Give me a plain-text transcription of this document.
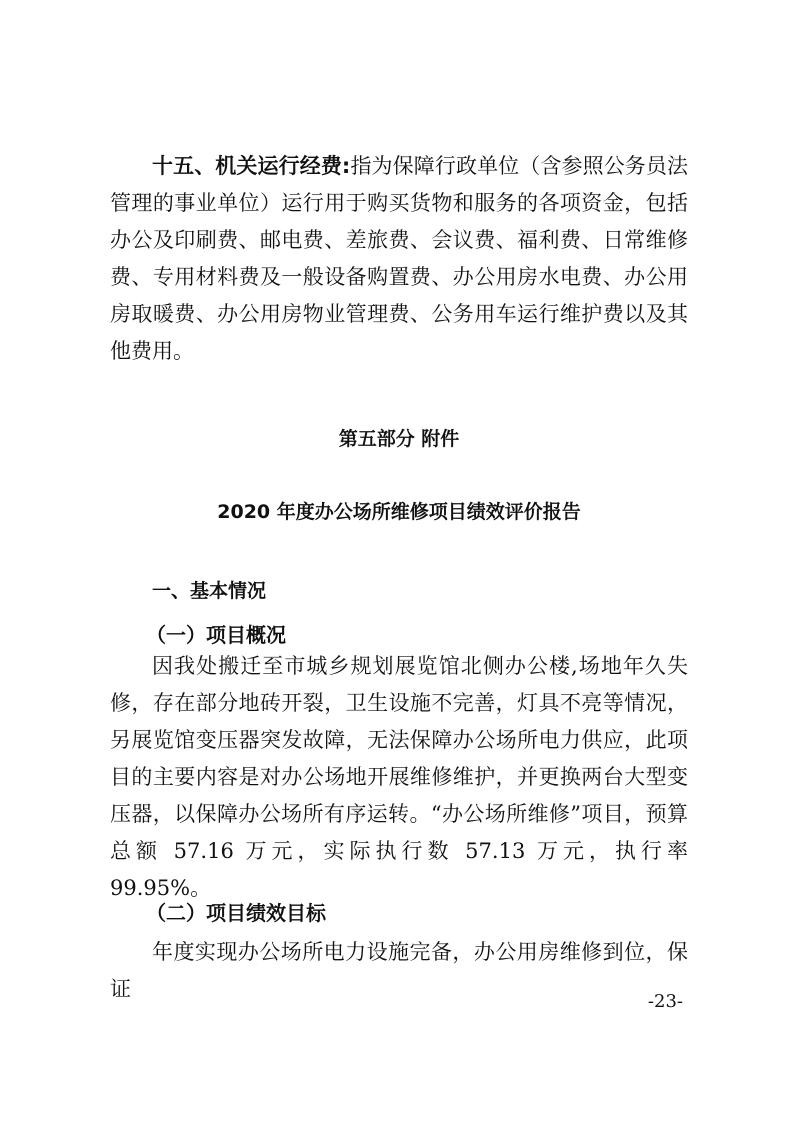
十五、机关运行经费:指为保障行政单位（含参照公务员法管理的事业单位）运行用于购买货物和服务的各项资金，包括办公及印刷费、邮电费、差旅费、会议费、福利费、日常维修费、专用材料费及一般设备购置费、办公用房水电费、办公用房取暖费、办公用房物业管理费、公务用车运行维护费以及其他费用。

第五部分 附件
2020 年度办公场所维修项目绩效评价报告
一、基本情况
（一）项目概况

因我处搬迁至市城乡规划展览馆北侧办公楼,场地年久失修，存在部分地砖开裂，卫生设施不完善，灯具不亮等情况，另展览馆变压器突发故障，无法保障办公场所电力供应，此项目的主要内容是对办公场地开展维修维护，并更换两台大型变压器，以保障办公场所有序运转。“办公场所维修”项目，预算总额 57.16 万元，实际执行数 57.13 万元，执行率 99.95%。

（二）项目绩效目标

年度实现办公场所电力设施完备，办公用房维修到位，保证

-23-
